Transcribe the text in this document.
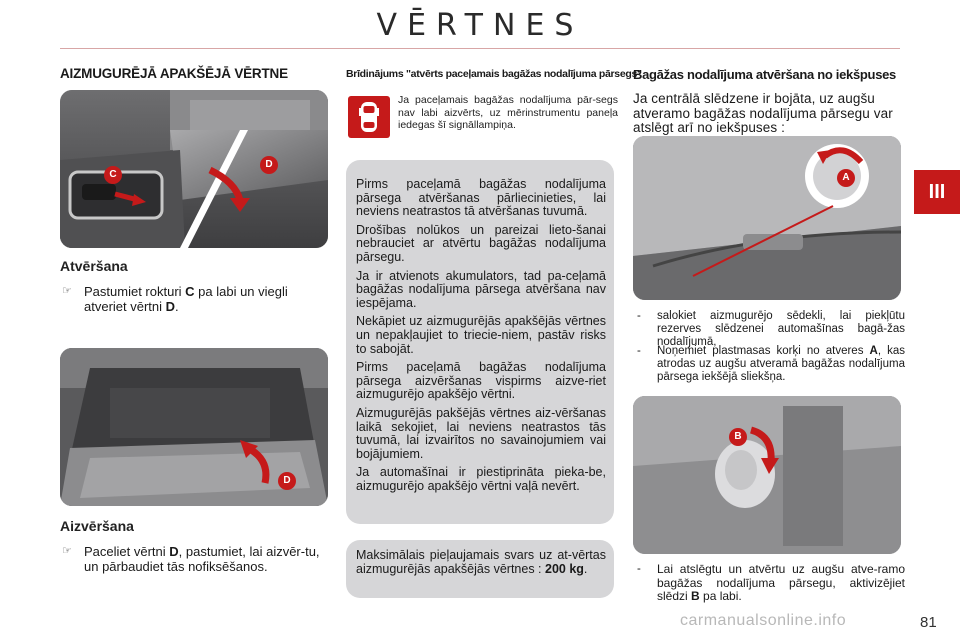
VĒRTNES
III
AIZMUGURĒJĀ APAKŠĒJĀ VĒRTNE
C
D
Atvēršana
☞ Pastumiet rokturi C pa labi un viegli atveriet vērtni D.
D
Aizvēršana
☞ Paceliet vērtni D, pastumiet, lai aizvēr-tu, un pārbaudiet tās nofiksēšanos.
Brīdinājums "atvērts paceļamais bagāžas nodalījuma pārsegs"
Ja paceļamais bagāžas nodalījuma pār-segs nav labi aizvērts, uz mērinstrumentu paneļa iedegas šī signāllampiņa.

Pirms paceļamā bagāžas nodalījuma pārsega atvēršanas pārliecinieties, lai neviens neatrastos tā atvēršanas tuvumā.

Drošības nolūkos un pareizai lieto-šanai nebrauciet ar atvērtu bagāžas nodalījuma pārsegu.

Ja ir atvienots akumulators, tad pa-ceļamā bagāžas nodalījuma pārsega atvēršana nav iespējama.

Nekāpiet uz aizmugurējās apakšējās vērtnes un nepakļaujiet to triecie-niem, pastāv risks to sabojāt.

Pirms paceļamā bagāžas nodalījuma pārsega aizvēršanas vispirms aizve-riet aizmugurējo apakšējo vērtni.

Aizmugurējās pakšējās vērtnes aiz-vēršanas laikā sekojiet, lai neviens neatrastos tās tuvumā, lai izvairītos no savainojumiem vai bojājumiem.

Ja automašīnai ir piestiprināta pieka-be, aizmugurējo apakšējo vērtni vaļā nevērt.

Maksimālais pieļaujamais svars uz at-vērtas aizmugurējās apakšējās vērtnes : 200 kg.
Bagāžas nodalījuma atvēršana no iekšpuses
Ja centrālā slēdzene ir bojāta, uz augšu atveramo bagāžas nodalījuma pārsegu var atslēgt arī no iekšpuses :
A
- salokiet aizmugurējo sēdekli, lai piekļūtu rezerves slēdzenei automašīnas bagā-žas nodalījumā,
- Noņemiet plastmasas korķi no atveres A, kas atrodas uz augšu atveramā bagāžas nodalījuma pārsega iekšējā sliekšņa.
B
- Lai atslēgtu un atvērtu uz augšu atve-ramo bagāžas nodalījuma pārsegu, aktivizējiet slēdzi B pa labi.
carmanualsonline.info	81
